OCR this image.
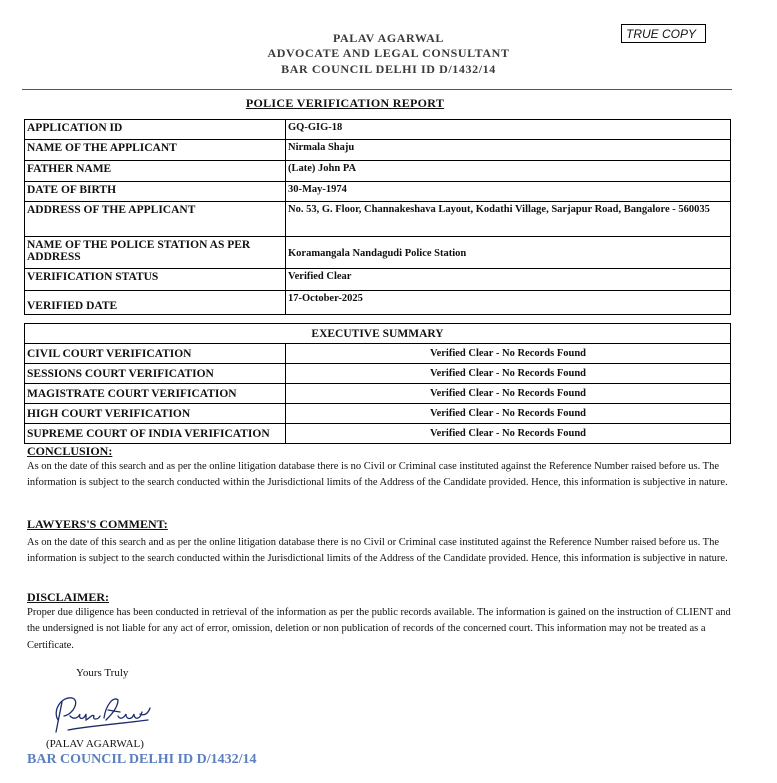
PALAV AGARWAL
ADVOCATE AND LEGAL CONSULTANT
BAR COUNCIL DELHI ID D/1432/14
TRUE COPY
POLICE VERIFICATION REPORT
APPLICATION ID	GQ-GIG-18
NAME OF THE APPLICANT	Nirmala Shaju
FATHER NAME	(Late) John PA
DATE OF BIRTH	30-May-1974
ADDRESS OF THE APPLICANT	No. 53, G. Floor, Channakeshava Layout, Kodathi Village, Sarjapur Road, Bangalore - 560035
NAME OF THE POLICE STATION AS PER ADDRESS	Koramangala Nandagudi Police Station
VERIFICATION STATUS	Verified Clear
VERIFIED DATE	17-October-2025
EXECUTIVE SUMMARY	
CIVIL COURT VERIFICATION	Verified Clear - No Records Found
SESSIONS COURT VERIFICATION	Verified Clear - No Records Found
MAGISTRATE COURT VERIFICATION	Verified Clear - No Records Found
HIGH COURT VERIFICATION	Verified Clear - No Records Found
SUPREME COURT OF INDIA VERIFICATION	Verified Clear - No Records Found
CONCLUSION:
As on the date of this search and as per the online litigation database there is no Civil or Criminal case instituted against the Reference Number raised before us. The information is subject to the search conducted within the Jurisdictional limits of the Address of the Candidate provided. Hence, this information is subjective in nature.
LAWYERS'S COMMENT:
As on the date of this search and as per the online litigation database there is no Civil or Criminal case instituted against the Reference Number raised before us. The information is subject to the search conducted within the Jurisdictional limits of the Address of the Candidate provided. Hence, this information is subjective in nature.
DISCLAIMER:
Proper due diligence has been conducted in retrieval of the information as per the public records available. The information is gained on the instruction of CLIENT and the undersigned is not liable for any act of error, omission, deletion or non publication of records of the concerned court. This information may not be treated as a Certificate.
Yours Truly
(PALAV AGARWAL)
BAR COUNCIL DELHI ID D/1432/14
